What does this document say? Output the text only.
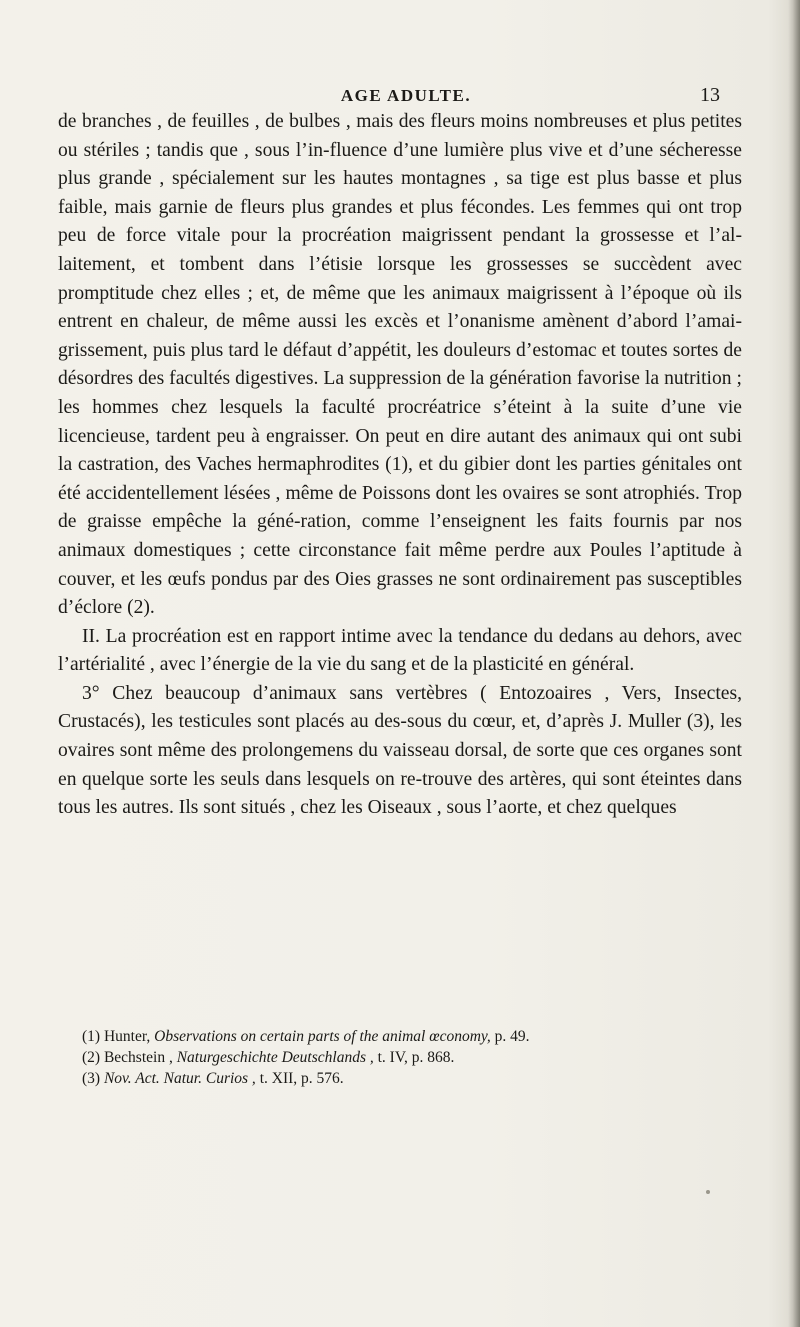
AGE ADULTE.	13

de branches , de feuilles , de bulbes , mais des fleurs moins nombreuses et plus petites ou stériles ; tandis que , sous l’in-fluence d’une lumière plus vive et d’une sécheresse plus grande , spécialement sur les hautes montagnes , sa tige est plus basse et plus faible, mais garnie de fleurs plus grandes et plus fécondes. Les femmes qui ont trop peu de force vitale pour la procréation maigrissent pendant la grossesse et l’al-laitement, et tombent dans l’étisie lorsque les grossesses se succèdent avec promptitude chez elles ; et, de même que les animaux maigrissent à l’époque où ils entrent en chaleur, de même aussi les excès et l’onanisme amènent d’abord l’amai-grissement, puis plus tard le défaut d’appétit, les douleurs d’estomac et toutes sortes de désordres des facultés digestives. La suppression de la génération favorise la nutrition ; les hommes chez lesquels la faculté procréatrice s’éteint à la suite d’une vie licencieuse, tardent peu à engraisser. On peut en dire autant des animaux qui ont subi la castration, des Vaches hermaphrodites (1), et du gibier dont les parties génitales ont été accidentellement lésées , même de Poissons dont les ovaires se sont atrophiés. Trop de graisse empêche la géné-ration, comme l’enseignent les faits fournis par nos animaux domestiques ; cette circonstance fait même perdre aux Poules l’aptitude à couver, et les œufs pondus par des Oies grasses ne sont ordinairement pas susceptibles d’éclore (2).

II. La procréation est en rapport intime avec la tendance du dedans au dehors, avec l’artérialité , avec l’énergie de la vie du sang et de la plasticité en général.

3° Chez beaucoup d’animaux sans vertèbres ( Entozoaires , Vers, Insectes, Crustacés), les testicules sont placés au des-sous du cœur, et, d’après J. Muller (3), les ovaires sont même des prolongemens du vaisseau dorsal, de sorte que ces organes sont en quelque sorte les seuls dans lesquels on re-trouve des artères, qui sont éteintes dans tous les autres. Ils sont situés , chez les Oiseaux , sous l’aorte, et chez quelques

(1) Hunter, Observations on certain parts of the animal œconomy, p. 49.

(2) Bechstein , Naturgeschichte Deutschlands , t. IV, p. 868.

(3) Nov. Act. Natur. Curios , t. XII, p. 576.
